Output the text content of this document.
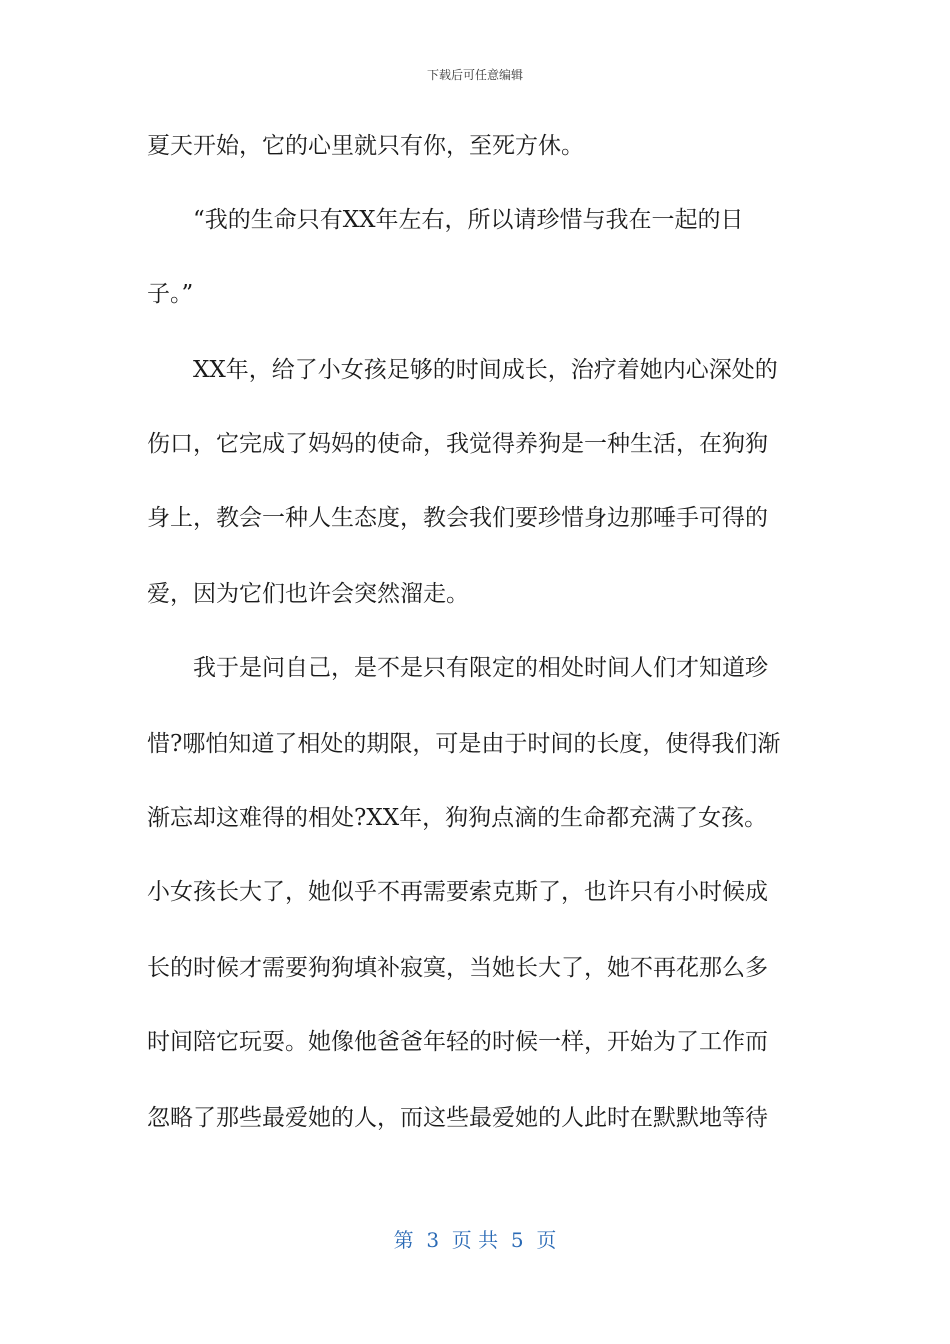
下载后可任意编辑
夏天开始，它的心里就只有你，至死方休。
“我的生命只有XX年左右，所以请珍惜与我在一起的日
子。”
XX年，给了小女孩足够的时间成长，治疗着她内心深处的
伤口，它完成了妈妈的使命，我觉得养狗是一种生活，在狗狗
身上，教会一种人生态度，教会我们要珍惜身边那唾手可得的
爱，因为它们也许会突然溜走。
我于是问自己，是不是只有限定的相处时间人们才知道珍
惜?哪怕知道了相处的期限，可是由于时间的长度，使得我们渐
渐忘却这难得的相处?XX年，狗狗点滴的生命都充满了女孩。
小女孩长大了，她似乎不再需要索克斯了，也许只有小时候成
长的时候才需要狗狗填补寂寞，当她长大了，她不再花那么多
时间陪它玩耍。她像他爸爸年轻的时候一样，开始为了工作而
忽略了那些最爱她的人，而这些最爱她的人此时在默默地等待
第  3  页 共  5  页
